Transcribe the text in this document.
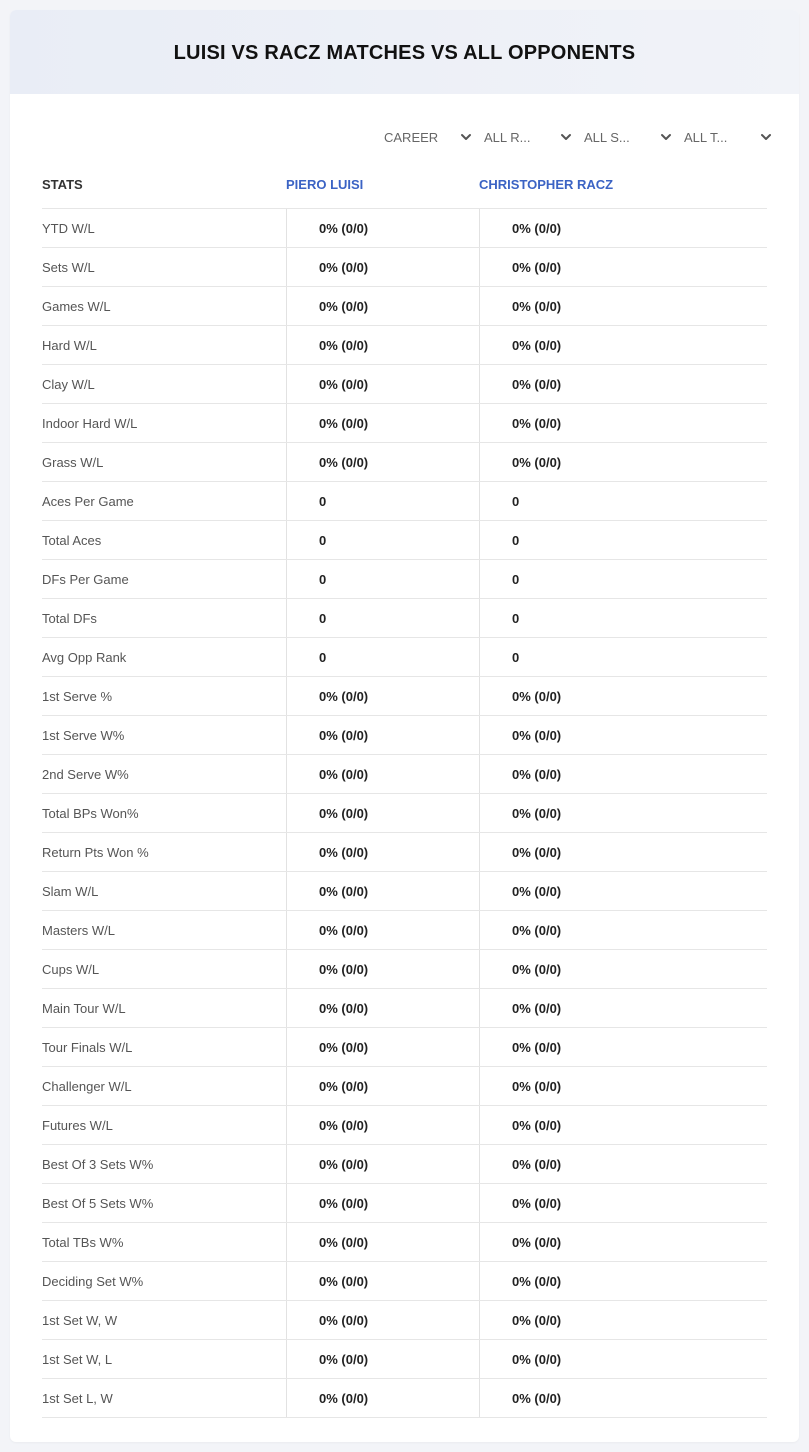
LUISI VS RACZ MATCHES VS ALL OPPONENTS
CAREER	ALL R...	ALL S...	ALL T...
STATS	PIERO LUISI	CHRISTOPHER RACZ
YTD W/L	0% (0/0)	0% (0/0)
Sets W/L	0% (0/0)	0% (0/0)
Games W/L	0% (0/0)	0% (0/0)
Hard W/L	0% (0/0)	0% (0/0)
Clay W/L	0% (0/0)	0% (0/0)
Indoor Hard W/L	0% (0/0)	0% (0/0)
Grass W/L	0% (0/0)	0% (0/0)
Aces Per Game	0	0
Total Aces	0	0
DFs Per Game	0	0
Total DFs	0	0
Avg Opp Rank	0	0
1st Serve %	0% (0/0)	0% (0/0)
1st Serve W%	0% (0/0)	0% (0/0)
2nd Serve W%	0% (0/0)	0% (0/0)
Total BPs Won%	0% (0/0)	0% (0/0)
Return Pts Won %	0% (0/0)	0% (0/0)
Slam W/L	0% (0/0)	0% (0/0)
Masters W/L	0% (0/0)	0% (0/0)
Cups W/L	0% (0/0)	0% (0/0)
Main Tour W/L	0% (0/0)	0% (0/0)
Tour Finals W/L	0% (0/0)	0% (0/0)
Challenger W/L	0% (0/0)	0% (0/0)
Futures W/L	0% (0/0)	0% (0/0)
Best Of 3 Sets W%	0% (0/0)	0% (0/0)
Best Of 5 Sets W%	0% (0/0)	0% (0/0)
Total TBs W%	0% (0/0)	0% (0/0)
Deciding Set W%	0% (0/0)	0% (0/0)
1st Set W, W	0% (0/0)	0% (0/0)
1st Set W, L	0% (0/0)	0% (0/0)
1st Set L, W	0% (0/0)	0% (0/0)
